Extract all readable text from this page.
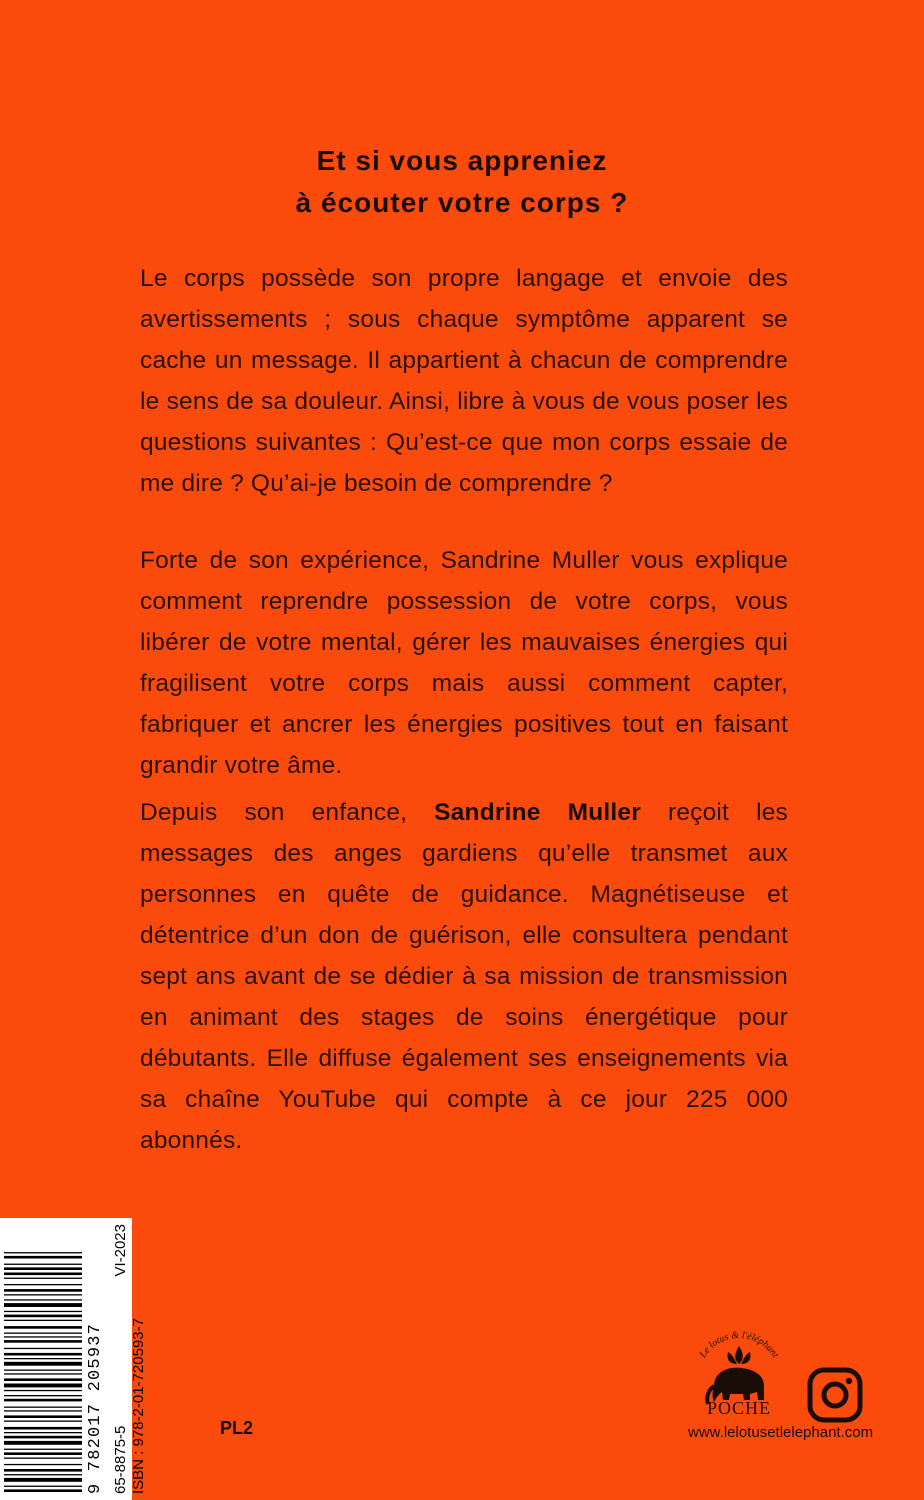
Et si vous appreniez
à écouter votre corps ?
Le corps possède son propre langage et envoie des avertissements ; sous chaque symptôme apparent se cache un message. Il appartient à chacun de comprendre le sens de sa douleur. Ainsi, libre à vous de vous poser les questions suivantes : Qu’est-ce que mon corps essaie de me dire ? Qu’ai-je besoin de comprendre ?
Forte de son expérience, Sandrine Muller vous explique comment reprendre possession de votre corps, vous libérer de votre mental, gérer les mauvaises énergies qui fragilisent votre corps mais aussi comment capter, fabriquer et ancrer les énergies positives tout en faisant grandir votre âme.
Depuis son enfance, Sandrine Muller reçoit les messages des anges gardiens qu’elle transmet aux personnes en quête de guidance. Magnétiseuse et détentrice d’un don de guérison, elle consultera pendant sept ans avant de se dédier à sa mission de transmission en animant des stages de soins énergétique pour débutants. Elle diffuse également ses enseignements via sa chaîne YouTube qui compte à ce jour 225 000 abonnés.
9 782017 205937 65-8875-5
VI-2023
ISBN : 978-2-01-720593-7	PL2
Le lotus & l'éléphant
POCHE
www.lelotusetlelephant.com
